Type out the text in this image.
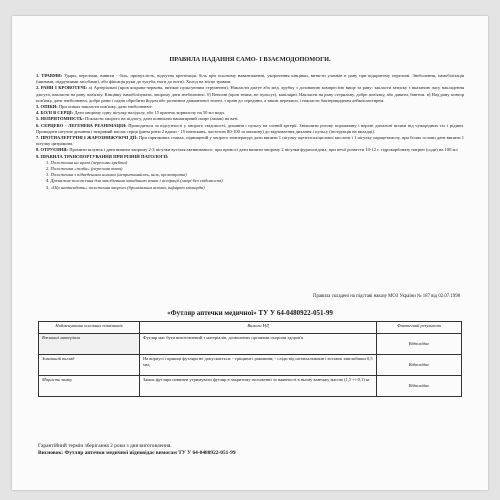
ПРАВИЛА НАДАННЯ САМО- І ВЗАЄМОДОПОМОГИ.

1. ТРАВМИ: Удари, переломи, вивихи - біль, припухлість, відчутна крепітація, біль при осьовому навантаженні, укорочення кінцівки, витягти уламків в рану при відкритому переломі. Знеболення, іммобілізація (шинами, підручними засобами), або фіксація руки до тулуба, ноги до ноги). Холод на місце травми.

2. РАНИ І КРОВОТЕЧІ: а) Артеріальні (кров яскраво-червона, витікає пульсуючим струменем). Накласти джгут або мед. трубку з дозованою компресією вище за рану: закласти затиску з вказаною часу накладення джгута, накласти на рану пов'язку. Кінцівку іммобілізувати, хворому дати знеболюючі. б) Венозні (кров темна, не пульсує), капілярні. Накласти на рану стерильну, добре пов'язку, або давити, бинтом. в) Над рану повтор пов'язку, дати знеболюючі, добре рани і садно обробити йодом або розчином діамантової зелені, з країв до середини, а також перекиси, і накласти бактерицидним лейкопластирем.

3. ОПІКИ: При опіках накласти пов'язку, дати знеболююче.

4. БОЛІ В СЕРЦІ: Дати хворому одну пігулку валідолу, або 15 крапель корвалолу на 50 мл води.

5. НЕПРИТОМНІСТЬ: Покласти хворого на підлогу, дати понюхати нашатирний спирт (аміак) на ваті.

6. СЕРЦЕВО - ЛЕГЕНЕВА РЕАНІМАЦІЯ: Проводиться за відсутності у хворого свідомості, дихання і пульсу на сонній артерії. Звільнити ротову порожнину і верхні дихальні шляхи від чужорідних тіл і рідини. Проводити штучне дихання і непрямий масаж серця (ритм ритм 2 вдихи - 15 натискань, частотою 80-100 за хвилину) до відновлення дихання і пульсу (інструкція на вкладці).

7. ПРОТИАЛЕРГІЧНІ І ЖАРОЗНИЖУЮЧІ ДІЇ: При гарячкових станах, підвищеній у хворого температурі дати випити 1 пігулку ацетилсаліцилової кислоти і 1 пігулку парацетамолу, при болях голови дати випити 1 пігулку цитрамона.

8. ОТРУЄННЯ: Промити шлунок і дати випити хворому 2-3 пігулки вугілля активованого, при проносі дати випити хворому 2 пігулки фуразолідона, при печії розвести 10-12 г. гідрокарбонату натрію (соди) на 100 мл

9. ПРАВИЛА ТРАНСПОРТУВАННЯ ПРИ РІЗНІЙ ПАТОЛОГІЇ:

1. Положення на щиті (переломи хребта)

2. Положення «жаба» (переломи таза)

3. Положення з підведеними ногами (непритомність, шок, кровотрата)

4. Дренажне положення для запобігання западанню язика і аспірації (хворі без свідомості)

5. «Що напівсидить» положення хворого (бронхіальна астма, інфаркт міокарда)

Правила складені на підставі наказу МОЗ України № 187 від 02.07.1998
«Футляр аптечки медичної» ТУ У 64-0480922-051-99
Найменування основних показників	Вимоги НД	Фактичний результат
Вживані матеріали	Футляр має бути виготовлений з матеріалів, дозволених органами охорони здоров'я	Відповідає
Зовнішній вигляд	На корпусі і кришці футляра не допускається: - тріщини і раковини; - сліди від штовхальників і вставок завглибшки 0,5 мм;	Відповідає
Міцність замку	Замок футляра повинен утримувати футляр в закритому положенні за наявності в ньому вантажу масою (1,5 +/-0,1) кг	Відповідає
Гарантійний термін зберігання 2 роки з дня виготовлення.
Висновок: Футляр аптечки медичної відповідає вимогам ТУ У 64-0480922-051-99
